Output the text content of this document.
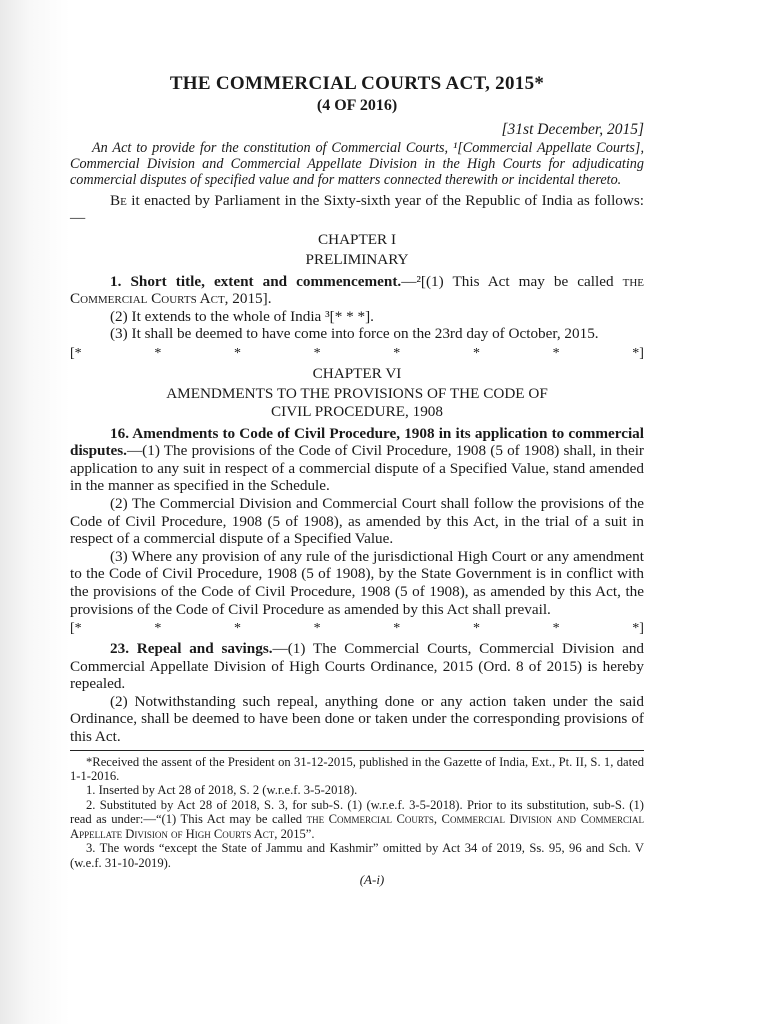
THE COMMERCIAL COURTS ACT, 2015*
(4 OF 2016)
[31st December, 2015]

An Act to provide for the constitution of Commercial Courts, ¹[Commercial Appellate Courts], Commercial Division and Commercial Appellate Division in the High Courts for adjudicating commercial disputes of specified value and for matters connected therewith or incidental thereto.

Be it enacted by Parliament in the Sixty-sixth year of the Republic of India as follows:—

CHAPTER I
PRELIMINARY

1. Short title, extent and commencement.—²[(1) This Act may be called the Commercial Courts Act, 2015].

(2) It extends to the whole of India ³[* * *].

(3) It shall be deemed to have come into force on the 23rd day of October, 2015.

[*	*	*	*	*	*	*	*]
CHAPTER VI
AMENDMENTS TO THE PROVISIONS OF THE CODE OF
CIVIL PROCEDURE, 1908

16. Amendments to Code of Civil Procedure, 1908 in its application to commercial disputes.—(1) The provisions of the Code of Civil Procedure, 1908 (5 of 1908) shall, in their application to any suit in respect of a commercial dispute of a Specified Value, stand amended in the manner as specified in the Schedule.

(2) The Commercial Division and Commercial Court shall follow the provisions of the Code of Civil Procedure, 1908 (5 of 1908), as amended by this Act, in the trial of a suit in respect of a commercial dispute of a Specified Value.

(3) Where any provision of any rule of the jurisdictional High Court or any amendment to the Code of Civil Procedure, 1908 (5 of 1908), by the State Government is in conflict with the provisions of the Code of Civil Procedure, 1908 (5 of 1908), as amended by this Act, the provisions of the Code of Civil Procedure as amended by this Act shall prevail.

[*	*	*	*	*	*	*	*]

23. Repeal and savings.—(1) The Commercial Courts, Commercial Division and Commercial Appellate Division of High Courts Ordinance, 2015 (Ord. 8 of 2015) is hereby repealed.

(2) Notwithstanding such repeal, anything done or any action taken under the said Ordinance, shall be deemed to have been done or taken under the corresponding provisions of this Act.

*Received the assent of the President on 31-12-2015, published in the Gazette of India, Ext., Pt. II, S. 1, dated 1-1-2016.

1. Inserted by Act 28 of 2018, S. 2 (w.r.e.f. 3-5-2018).

2. Substituted by Act 28 of 2018, S. 3, for sub-S. (1) (w.r.e.f. 3-5-2018). Prior to its substitution, sub-S. (1) read as under:—“(1) This Act may be called the Commercial Courts, Commercial Division and Commercial Appellate Division of High Courts Act, 2015”.

3. The words “except the State of Jammu and Kashmir” omitted by Act 34 of 2019, Ss. 95, 96 and Sch. V (w.e.f. 31-10-2019).

(A-i)
